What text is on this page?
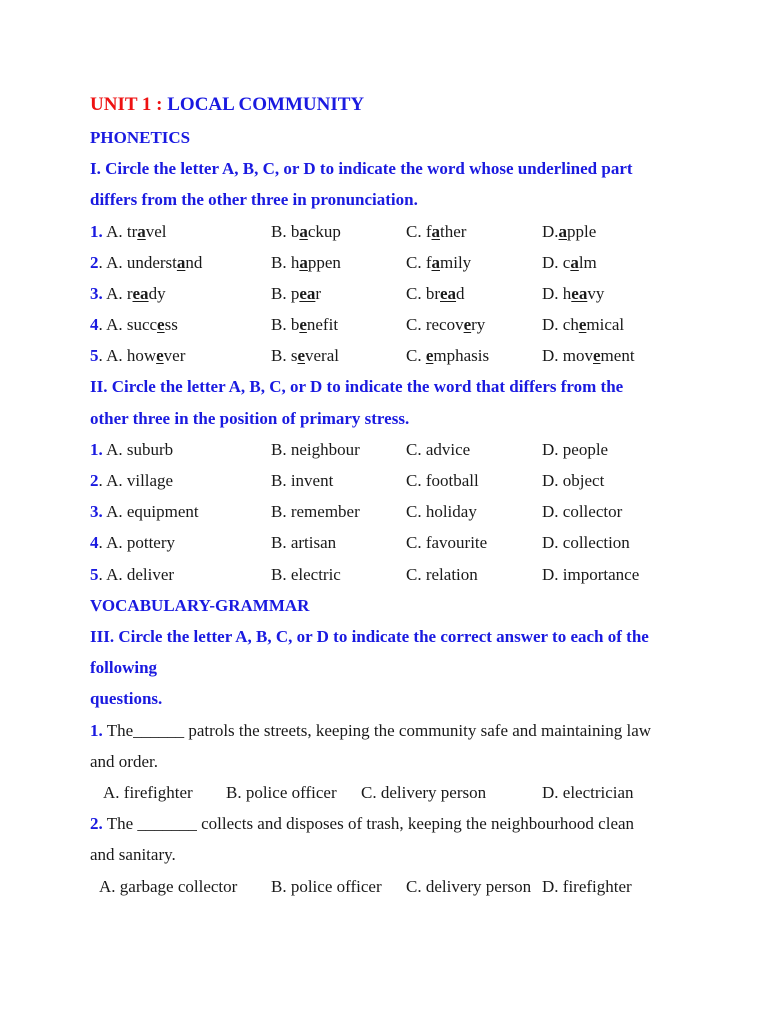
UNIT 1 : LOCAL COMMUNITY
PHONETICS
I. Circle the letter A, B, C, or D to indicate the word whose underlined part
differs from the other three in pronunciation.
1. A. travel	B. backup	C. father	D.apple
2. A. understand	B. happen	C. family	D. calm
3. A. ready	B. pear	C. bread	D. heavy
4. A. success	B. benefit	C. recovery	D. chemical
5. A. however	B. several	C. emphasis	D. movement
II. Circle the letter A, B, C, or D to indicate the word that differs from the
other three in the position of primary stress.
1. A. suburb	B. neighbour	C. advice	D. people
2. A. village	B. invent	C. football	D. object
3. A. equipment	B. remember	C. holiday	D. collector
4. A. pottery	B. artisan	C. favourite	D. collection
5. A. deliver	B. electric	C. relation	D. importance
VOCABULARY-GRAMMAR
III. Circle the letter A, B, C, or D to indicate the correct answer to each of the
following
questions.
1. The______ patrols the streets, keeping the community safe and maintaining law
and order.
A. firefighter B. police officer C. delivery person	D. electrician
2. The _______ collects and disposes of trash, keeping the neighbourhood clean
and sanitary.
A. garbage collector B. police officer C. delivery person D. firefighter
